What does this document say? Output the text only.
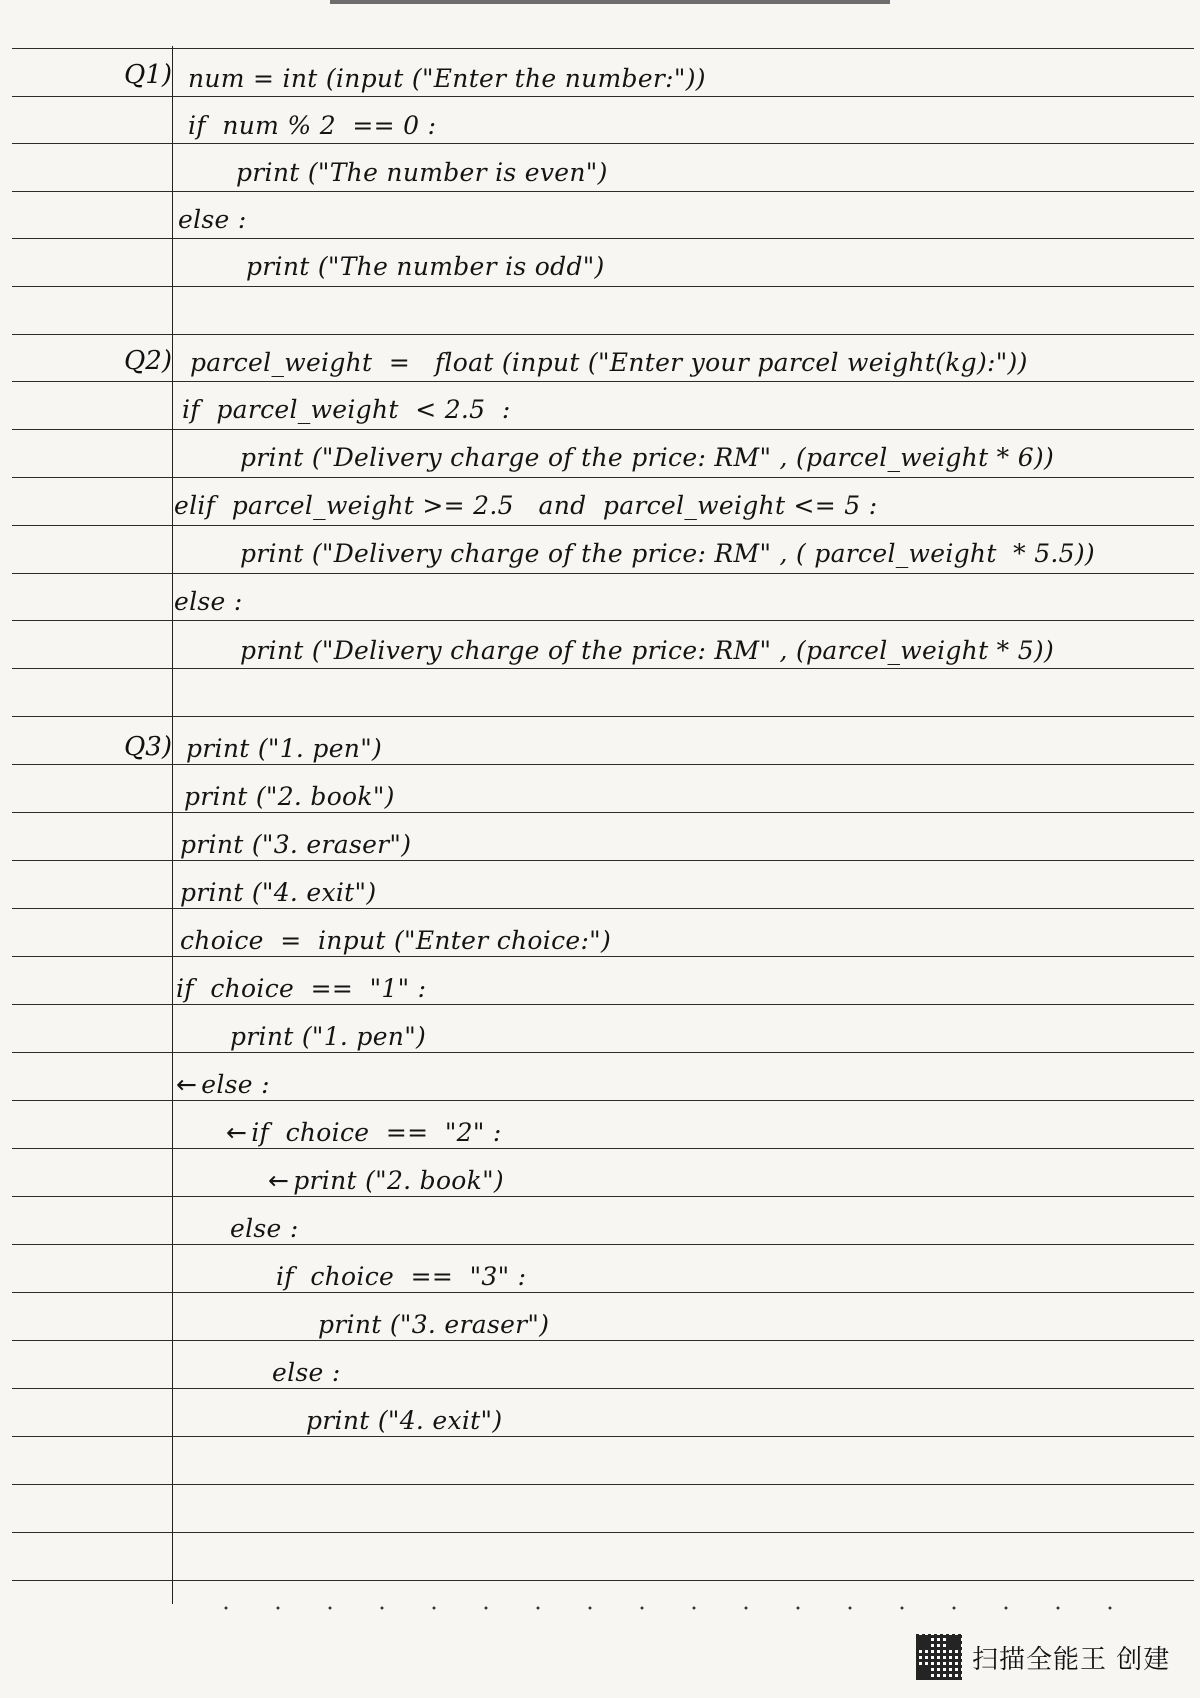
Q1) num = int (input ("Enter the number:"))
if  num % 2  == 0 :
print ("The number is even")
else :
print ("The number is odd")
Q2) parcel_weight  =   float (input ("Enter your parcel weight(kg):"))
if  parcel_weight  < 2.5  :
print ("Delivery charge of the price: RM" , (parcel_weight * 6))
elif  parcel_weight >= 2.5   and  parcel_weight <= 5 :
print ("Delivery charge of the price: RM" , ( parcel_weight  * 5.5))
else :
print ("Delivery charge of the price: RM" , (parcel_weight * 5))
Q3) print ("1. pen")
print ("2. book")
print ("3. eraser")
print ("4. exit")
choice  =  input ("Enter choice:")
if  choice  ==  "1" :
print ("1. pen")
← else :
← if  choice  ==  "2" :
← print ("2. book")
else :
if  choice  ==  "3" :
print ("3. eraser")
else :
print ("4. exit")
扫描全能王 创建
